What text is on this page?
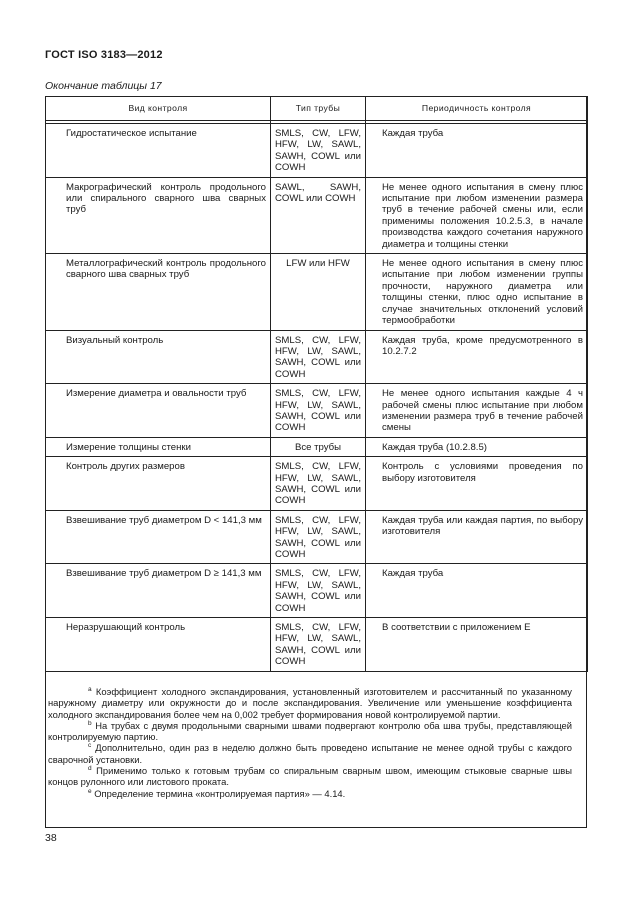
ГОСТ ISO 3183—2012
Окончание таблицы 17
Вид контроля	Тип трубы	Периодичность контроля

Гидростатическое испытание	SMLS, CW, LFW, HFW, LW, SAWL, SAWH, COWL или COWH	Каждая труба
Макрографический контроль продольного или спирального сварного шва сварных труб	SAWL, SAWH, COWL или COWH	Не менее одного испытания в смену плюс испытание при любом изменении размера труб в течение рабочей смены или, если применимы положения 10.2.5.3, в начале производства каждого сочетания наружного диаметра и толщины стенки
Металлографический контроль продольного сварного шва сварных труб	LFW или HFW	Не менее одного испытания в смену плюс испытание при любом изменении группы прочности, наружного диаметра или толщины стенки, плюс одно испытание в случае значительных отклонений условий термообработки
Визуальный контроль	SMLS, CW, LFW, HFW, LW, SAWL, SAWH, COWL или COWH	Каждая труба, кроме предусмотренного в 10.2.7.2
Измерение диаметра и овальности труб	SMLS, CW, LFW, HFW, LW, SAWL, SAWH, COWL или COWH	Не менее одного испытания каждые 4 ч рабочей смены плюс испытание при любом изменении размера труб в течение рабочей смены
Измерение толщины стенки	Все трубы	Каждая труба (10.2.8.5)
Контроль других размеров	SMLS, CW, LFW, HFW, LW, SAWL, SAWH, COWL или COWH	Контроль с условиями проведения по выбору изготовителя
Взвешивание труб диаметром D < 141,3 мм	SMLS, CW, LFW, HFW, LW, SAWL, SAWH, COWL или COWH	Каждая труба или каждая партия, по выбору изготовителя
Взвешивание труб диаметром D ≥ 141,3 мм	SMLS, CW, LFW, HFW, LW, SAWL, SAWH, COWL или COWH	Каждая труба
Неразрушающий контроль	SMLS, CW, LFW, HFW, LW, SAWL, SAWH, COWL или COWH	В соответствии с приложением Е

$^a$ Коэффициент холодного экспандирования, установленный изготовителем и рассчитанный по указанному наружному диаметру или окружности до и после экспандирования. Увеличение или уменьшение коэффициента холодного экспандирования более чем на 0,002 требует формирования новой контролируемой партии.

$^b$ На трубах с двумя продольными сварными швами подвергают контролю оба шва трубы, представляющей контролируемую партию.

$^c$ Дополнительно, один раз в неделю должно быть проведено испытание не менее одной трубы с каждого сварочной установки.

$^d$ Применимо только к готовым трубам со спиральным сварным швом, имеющим стыковые сварные швы концов рулонного или листового проката.

$^e$ Определение термина «контролируемая партия» — 4.14.

38
